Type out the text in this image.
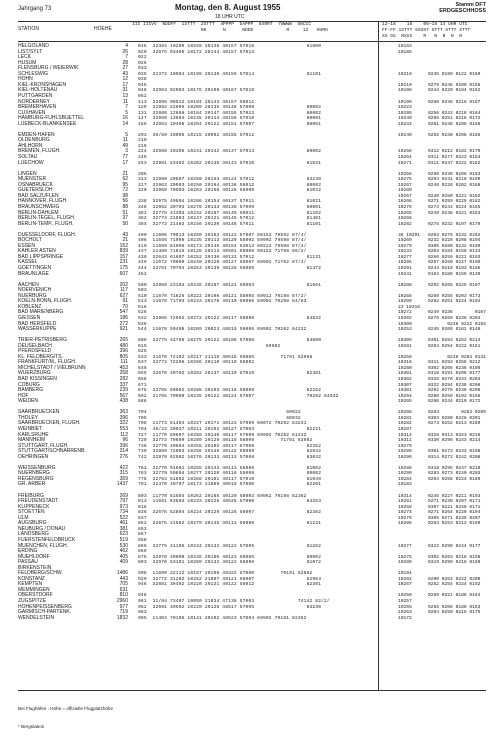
Jahrgang 73	Montag, den 8. August 1955
18 UHR UTC
Stamm DFT
ERDGESCHHOSS
STATION	HOEHE
III IIIVV  NDDFF  1STTT  2STTT  4PPPP  5APPP  8XRRT  7WWWW  8NCCC
RK      N      NDDD            R     12   HUMH
12—18    18    06—18 14 UHR UTC
FF-FF 1STTT 5SSST STTT STTT STTT
XX GG  NXXX    R   N  N  N  N
HELGOLAND	4 015  32484 10209 10349 20136 40157 57016                  81600	10183
LIST/SYLT	26 020  32975 03405 10172 20144 40157 57013	10186
LECK	7 022
HUSUM	28 026
FLENSBURG / WEIERWIK	27 033
SCHLESWIG	43 035  32372 10004 10199 20136 40159 57014                  81101	10219	0245 0199 0122 0160
HOHN	12 038
KIEL-KRONSHAGEN	17 045	10210	0279 0246 0209 0166
KIEL-HOLTENAU	31 046  32963 02003 10176 20108 40167 57010	10198	0244 0220 0184 0162
PUTTGARDEN	13 052
NORDERNEY	11 113  32996 00512 10194 20143 40157 56011	10199	0260 0236 0218 0197
BREMERHAVEN	7 129  32982 22005 10209 20135 40148 57009                  80002	10223
CUXHAVEN	5 131  32980 12608 10184 20147 40155 57013                  80002	10195	0256 0243 0218 0184
HAMBURG-FUHLSBUETTEL	16 147  32950 13604 10235 20114 40156 57010                  80001	10249	0285 0251 0218 0172
LUEBECK-BLANKENSEE	14 156  32953 10406 10204 20122 40151 57007                  80001	10234	0261 0248 0205 0186
EMDEN-HAFEN	5 203  36/60 10005 10215 20092 40155 57012	10249	0292 0240 0208 0185
OLDENBURG	11 210
AHLHORN	49 219
BREMEN, FLUGH.	3 224  32980 10306 10241 20142 40137 57014                  80002	10256	0312 0212 0182 0170
SOLTAU	77 246	10264	0311 0277 0223 0184
LUECHOW	17 253  32981 23402 10262 20135 40143 57010                  81031	10271	0311 0247 0222 0182
LINGEN	21 305	10256	0250 0230 0208 0193
MUENSTER	62 313  32960 20807 10250 20153 40124 57012                  83230	10275	0293 0241 0216 0199
OSNABRUECK	95 317  32963 20903 10250 20164 40136 56012                  80002	10267	0248 0228 0202 0169
GUETERSLOH	72 320  32960 70903 10263 20156 40128 55009                  81032	10280
BAD SALZUFLEN	98	10267	0240 0250 0221 0192
HANNOVER, FLUGH.	56 338  32975 40804 10266 20154 40137 57011                  81021	10266	0271 0259 0225 0182
BRAUNSCHWEIG	88 348  32962 30703 10276 20133 40136 57009                  80001	10276	0274 0244 0224 0185
BERLIN-DAHLEM	51 381  32775 41303 10232 20167 40149 56011                  81102	10265	0249 0238 0221 0183
BERLIN-TEGEL, FLUGH.	37 382  32773 21503 10247 20121 40145 57012                  81401	10266
BERLIN-TEMP., FLUGH.	50 384  32772 21403 10246 20130 40146 57011                  81101	10282	0275 0232 0197 0179
DUESSELDORF, FLUGH.	43 400  11606 70913 10260 20163 40122 57007 60152 79592 87/4/	36 10291 0293 0275 0232 0202
BOCHOLT	21 406  11556 71909 10235 20113 40129 55002 69902 79598 87/4/	10269	0232 0229 0208 0194
ESSEN	152 410  11650 81906 10173 20145 40154 53013 60222 79508 87/4/	10279	0305 0280 0232 0199
KAHLER ASTEN	839 437  11480 71615 10126 20113 40501 56006 60152 71798 86/2/	10233	0203 0184 0158 0134
BAD LIPPSPRINGE	157 430  32643 61607 10252 20136 40131 57012                  81131	10277	0266 0259 0221 0193
KASSEL	231 449  11672 70000 10240 20120 40127 55007 69902 71762 87/4/	10285	0257 0260 0227 0190
GOETTINGEN	175 444  32761 70704 10253 20139 40128 56009                  81472	10291	0244 0218 0193 0185
BRAUNLAGE	607 452	10241	0194 0186 0155 0139
AACHEN	202 500  32950 23104 10248 20167 40121 56003                  81661	10288	0292 0265 0225 0197
NOERVENICH	117 503
NUERBURG	627 510  11670 71626 10222 20106 40121 55005 69912 70198 87/2/	10268	0289 0255 0203 0173
KOELN-BONN, FLUGH.	91 513  11670 71703 10243 20170 40119 56006 69902 70298 84/63	10299	0282 0261 0224 0194
KOBLENZ	70 516	23 10316
BAD MARIENBERG	547 526	10272	0249 0236        0167
GIESSEN	186 532  32966 72602 10272 20122 40117 56006                  84832	10302	0276 0269 0238 0204
BAD HERSFELD	272 535	10300	0246 0222 0193
WASSERKUPPE	921 544  11670 50406 10209 20023 48519 56006 69902 70262 84232	10253	0245 0209 0161 0140
TRIER-PETRISBERG	265 609  32775 42708 10275 20122 40108 57006                  84800	10309	0301 0283 0252 0214
DEUSELBACH	480 615                                         69902	10281	0294 0254 0222 0181
PFERDSFELD	396 625
KL. FELDBERG/TS.	805 633  31670 72102 10217 21115 40518 55005         71791 82968	10258	0246 0204 0131
FRANKFURT/M., FLUGH.	111 637  32772 72206 10286 20110 40119 55002	10316	0311 0293 0256 0212
MICHELSTADT / VIELBRUNN	453 648	10280	0302 0266 0236 0196
WUERZBURG	268 655  32670 40702 10282 20137 40110 57010                  82381	10301	0319 0191 0205 0177
BAD KISSINGEN	282 658	10302	0326 0276 0241 0203
COBURG	337 671	10307	0332 0294 0238 0208
BAMBERG	239 675  32765 60902 10288 20103 40118 56009                  82262	10301	0292 0275 0236 0206
HOF	567 692  31765 70000 10235 20122 40124 57007                  70292 84932	10294	0280 0259 0193 0166
WEIDEN	438 688	10265	0260 0244 0210 0172
SAARBRUECKEN	363 704                                                60022	10288	0283        0263 0209
THOLEY	396 705                                                60032	10281	0303 0280 0228 0201
SAARBRUECKEN, FLUGH.	322 708  11773 61404 10227 20171 40123 57009 60072 70292 83231	10282	0273 0252 0213 0189
WEINBIET	553 704  46/22 20037 10211 20102 40127 57003                  82221	10287
KARLSRUHE	112 727  11770 60607 10288 20140 40117 57009 69902 70262 81232	10314	0326 0313 0263 0226
MANNHEIM	96 729  32773 70609 10289 20129 40118 56009         71791 83962	10311	0330 0296 0243 0214
STUTTGART, FLUGH.	396 738  32770 40604 10255 20102 40117 57008                  82352	10279
STUTTGART/SCHNARRENB.	314 739  32869 72003 10256 20149 40122 56009                  82942	10289	0301 0273 0233 0198
OEHRINGEN	276 742  32970 62902 10276 20133 40113 57008                  83032	10296	0314 0272 0242 0208
WEISSENBURG	422 761  32770 91601 10255 20143 40113 55006                  81002	10288	0318 0295 0247 0210
NUERNBERG	315 763  32770 50804 10277 20120 40116 55008                  80002	10290	0283 0273 0240 0203
REGENSBURG	369 776  32763 51802 10268 20101 40117 57010                  81049	10284	0294 0258 0224 0189
GR. ARBER	1437 791  32470 40707 10173 21069 40519 57000                  82201	10183
FREIBURG	269 803  11770 51504 10262 20165 40120 58003 69962 70198 82382	10314	0245 0227 0211 0193
FREUDENSTADT	797 813  11661 63503 10233 20126 48526 57000                  84263	10261	0271 0239 0207 0171
KLIPPENECK	973 818	10258	0307 0221 0246 0171
STOETTEN	734 836  32676 52804 10224 20129 40126 56007                  82382	10274	0271 0264 0220 0194
ULM	522 837	10279	0305 0271 0235 0207
AUGSBURG	461 852  32675 21502 10279 20145 40113 56006                  81241	10286	0283 0253 0213 0199
NEUBURG / DONAU	381 853
LANDSBERG	623 857
FUERSTENFELDBRUCK	519 858
MUENCHEN, FLUGH.	530 866  32775 41105 10234 20133 40122 57005                  81262	10277	0322 0290 0244 0177
ERDING	462 869
MUEHLDORF	405 875  32970 40000 10248 20180 40123 56005                  80002	10275	0302 0263 0218 0198
PASSAU	409 893  32970 53101 10280 20133 40122 56006                  81072	10280	0319 0299 0218 0189
BIRKENSTEIN
FELDBERG/SCHW.	1486 908  11600 32112 10167 20108 49322 57000         70191 82962	10194
KONSTANZ	443 929  32772 31202 10252 21007 40121 56007                  82963	10292	0290 0262 0222 0200
KEMPTEN	705 946  32881 39402 10220 20131 40122 56012                  82301	10267	0282 0254 0224 0192
MEMMINGEN	631
OBERSTDORF	810 948	10250	0260 0221 0188 0164
ZUGSPITZE	2960 961  31/04 73407 10050 21034 47138 57003               74142 82/2/	10257
HOHENPEISSENBERG	977 962  32691 40502 10220 20126 48517 57005                  83230	10255	0255 0208 0186 0153
GARMISCH-PARTENK.	719 963	10263	0294 0250 0215 0175
WENDELSTEIN	1832 995  11404 70105 10141 20102 48523 57004 69902 70181 82362	10172

Bei Flughäfen : Höhe = offizielle Flugplatzhöhe

* Bergstation
